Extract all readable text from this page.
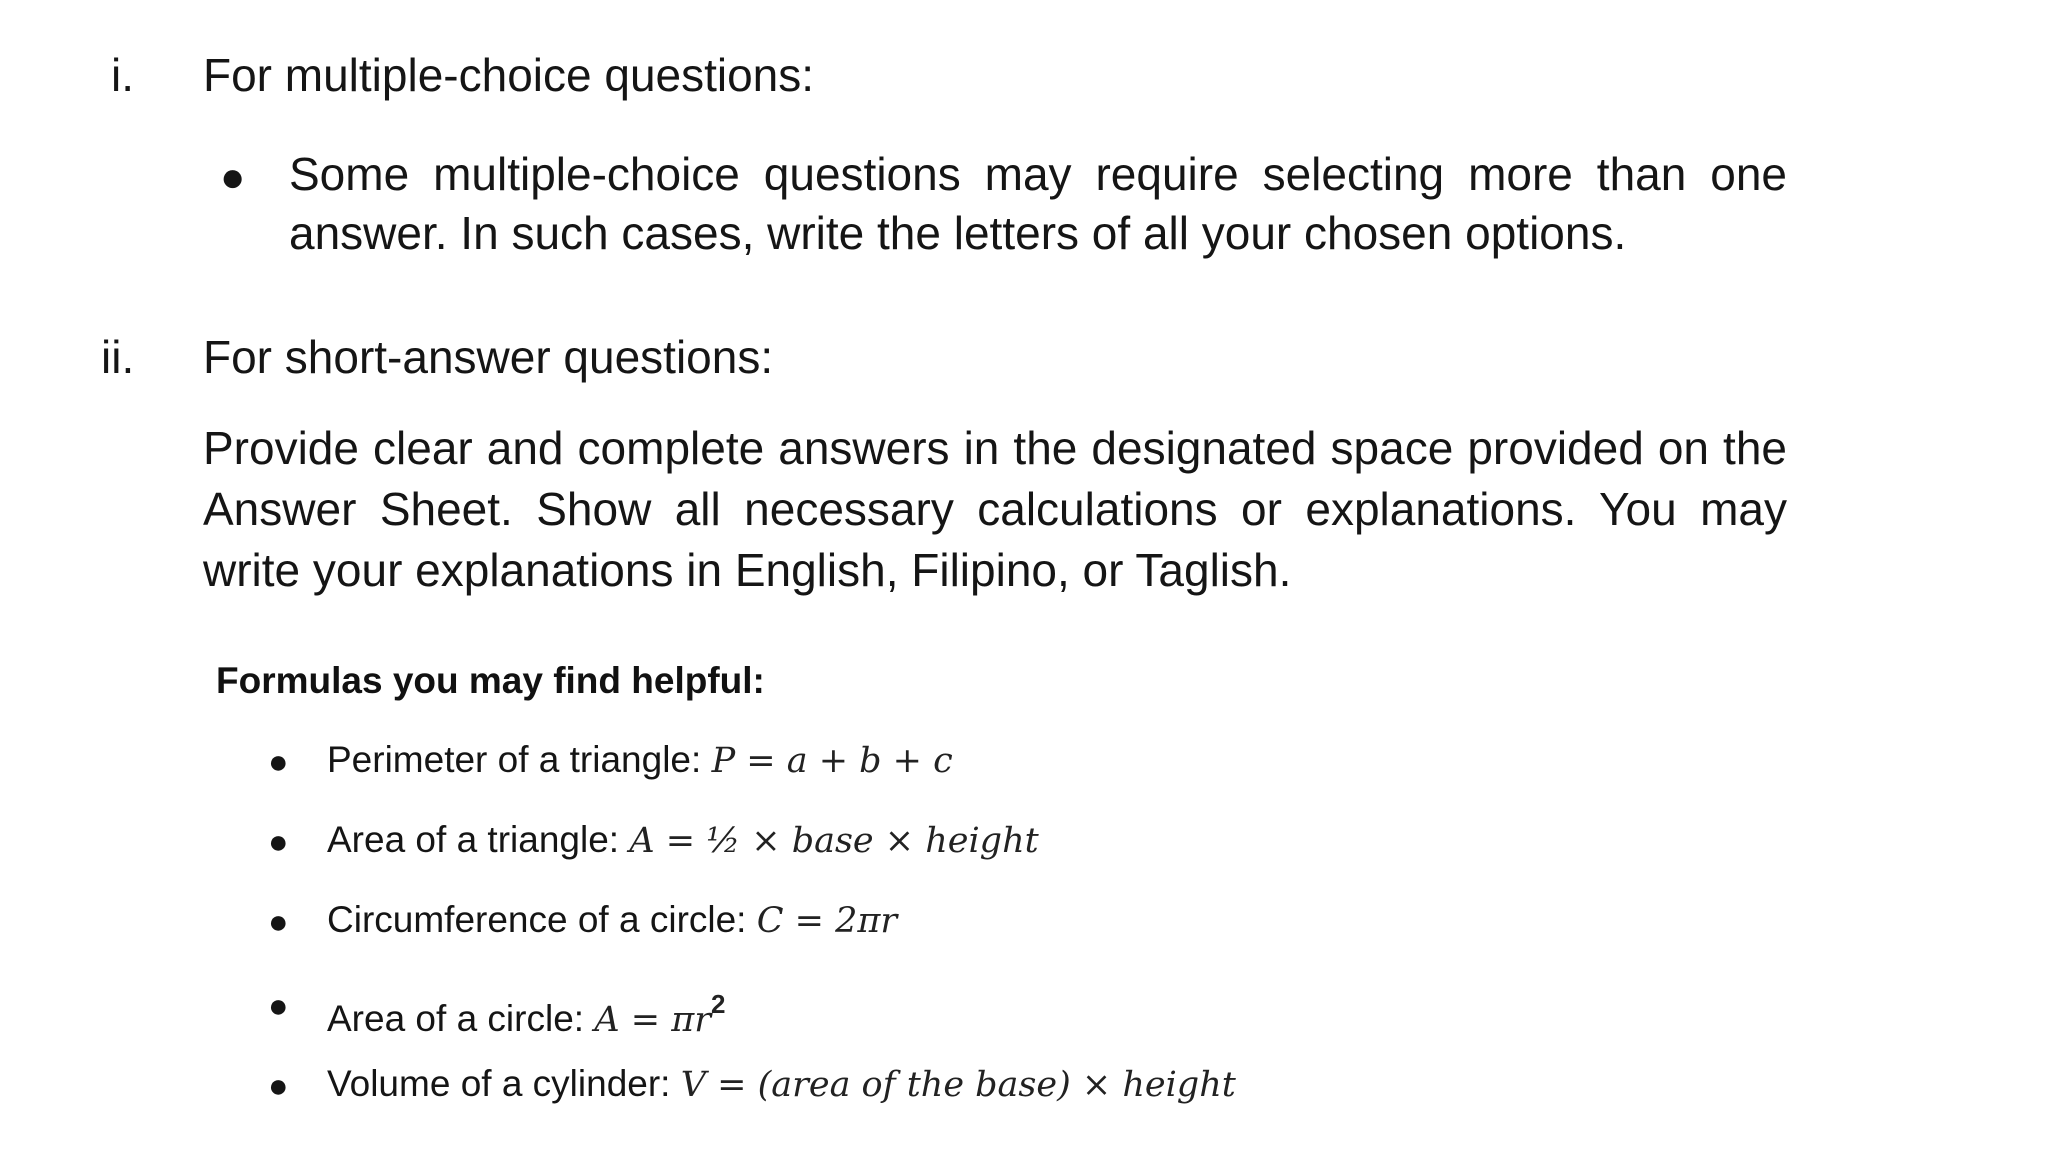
i. For multiple-choice questions:
● Some multiple-choice questions may require selecting more than one answer. In such cases, write the letters of all your chosen options.
ii. For short-answer questions:
Provide clear and complete answers in the designated space provided on the Answer Sheet. Show all necessary calculations or explanations. You may write your explanations in English, Filipino, or Taglish.
Formulas you may find helpful:
● Perimeter of a triangle: P = a + b + c
● Area of a triangle: A = ½ × base × height
● Circumference of a circle: C = 2πr
● Area of a circle: $A = \pi r^2$
● Volume of a cylinder: V = (area of the base) × height
